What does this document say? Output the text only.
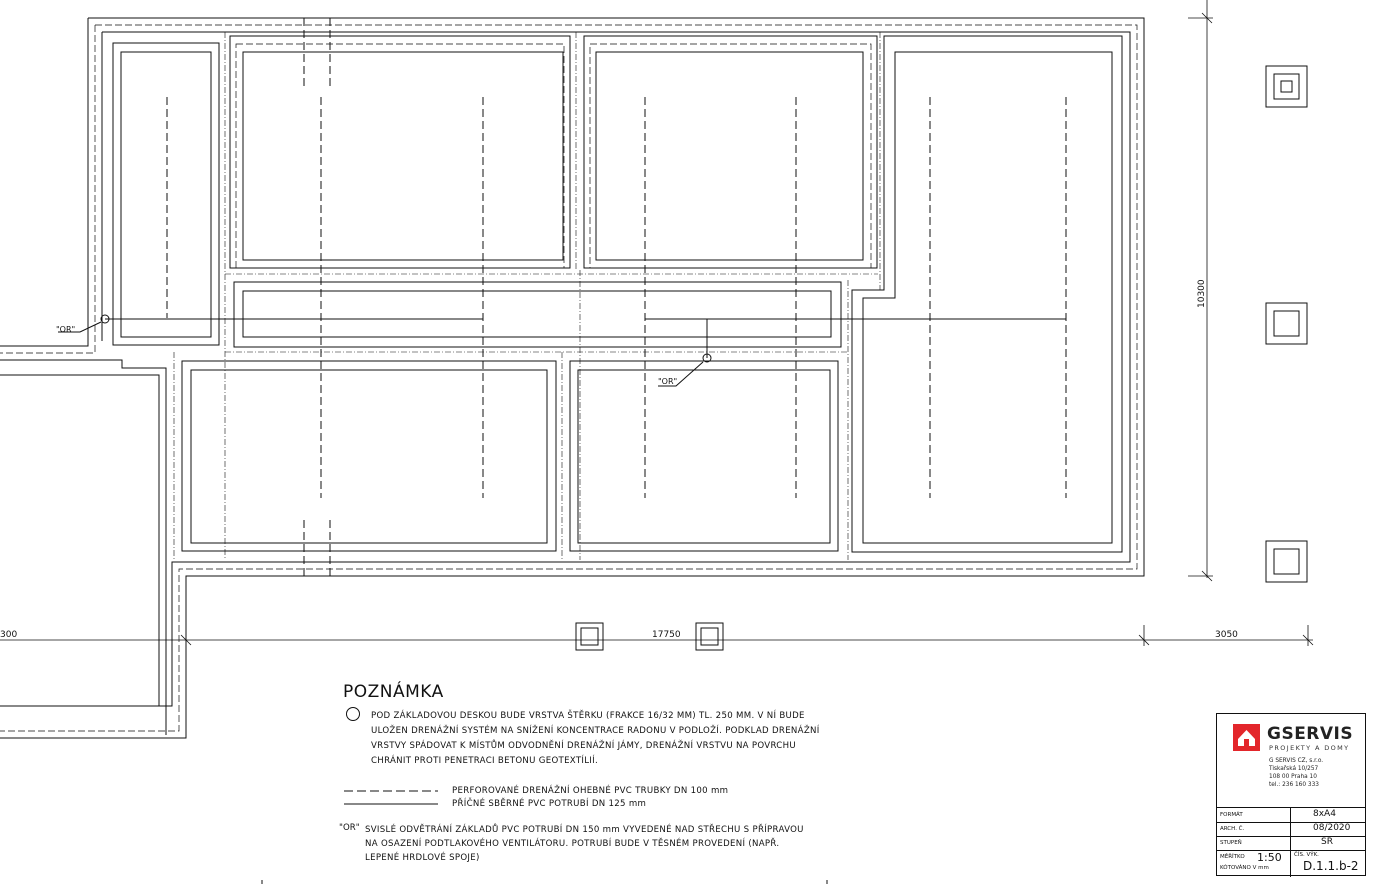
"OR"
"OR"
10300
17750	3050
300
POZNÁMKA
POD ZÁKLADOVOU DESKOU BUDE VRSTVA ŠTĚRKU (FRAKCE 16/32 MM) TL. 250 MM. V NÍ BUDE ULOŽEN DRENÁŽNÍ SYSTÉM NA SNÍŽENÍ KONCENTRACE RADONU V PODLOŽÍ. PODKLAD DRENÁŽNÍ VRSTVY SPÁDOVAT K MÍSTŮM ODVODNĚNÍ DRENÁŽNÍ JÁMY, DRENÁŽNÍ VRSTVU NA POVRCHU CHRÁNIT PROTI PENETRACI BETONU GEOTEXTÍLIÍ.
PERFOROVANÉ DRENÁŽNÍ OHEBNÉ PVC TRUBKY DN 100 mm
PŘÍČNÉ SBĚRNÉ PVC POTRUBÍ DN 125 mm
"OR" SVISLÉ ODVĚTRÁNÍ ZÁKLADŮ PVC POTRUBÍ DN 150 mm VYVEDENÉ NAD STŘECHU S PŘÍPRAVOU NA OSAZENÍ PODTLAKOVÉHO VENTILÁTORU. POTRUBÍ BUDE V TĚSNÉM PROVEDENÍ (NAPŘ. LEPENÉ HRDLOVÉ SPOJE)
GSERVIS
PROJEKTY A DOMY
G SERVIS CZ, s.r.o.
Tiskařská 10/257
108 00 Praha 10
tel.: 236 160 333
FORMÁT	8xA4
ARCH. Č.	08/2020
STUPEŇ	SR
MĚŘÍTKO 1:50
KÓTOVÁNO V mm
ČÍS. VÝK.
D.1.1.b-2
